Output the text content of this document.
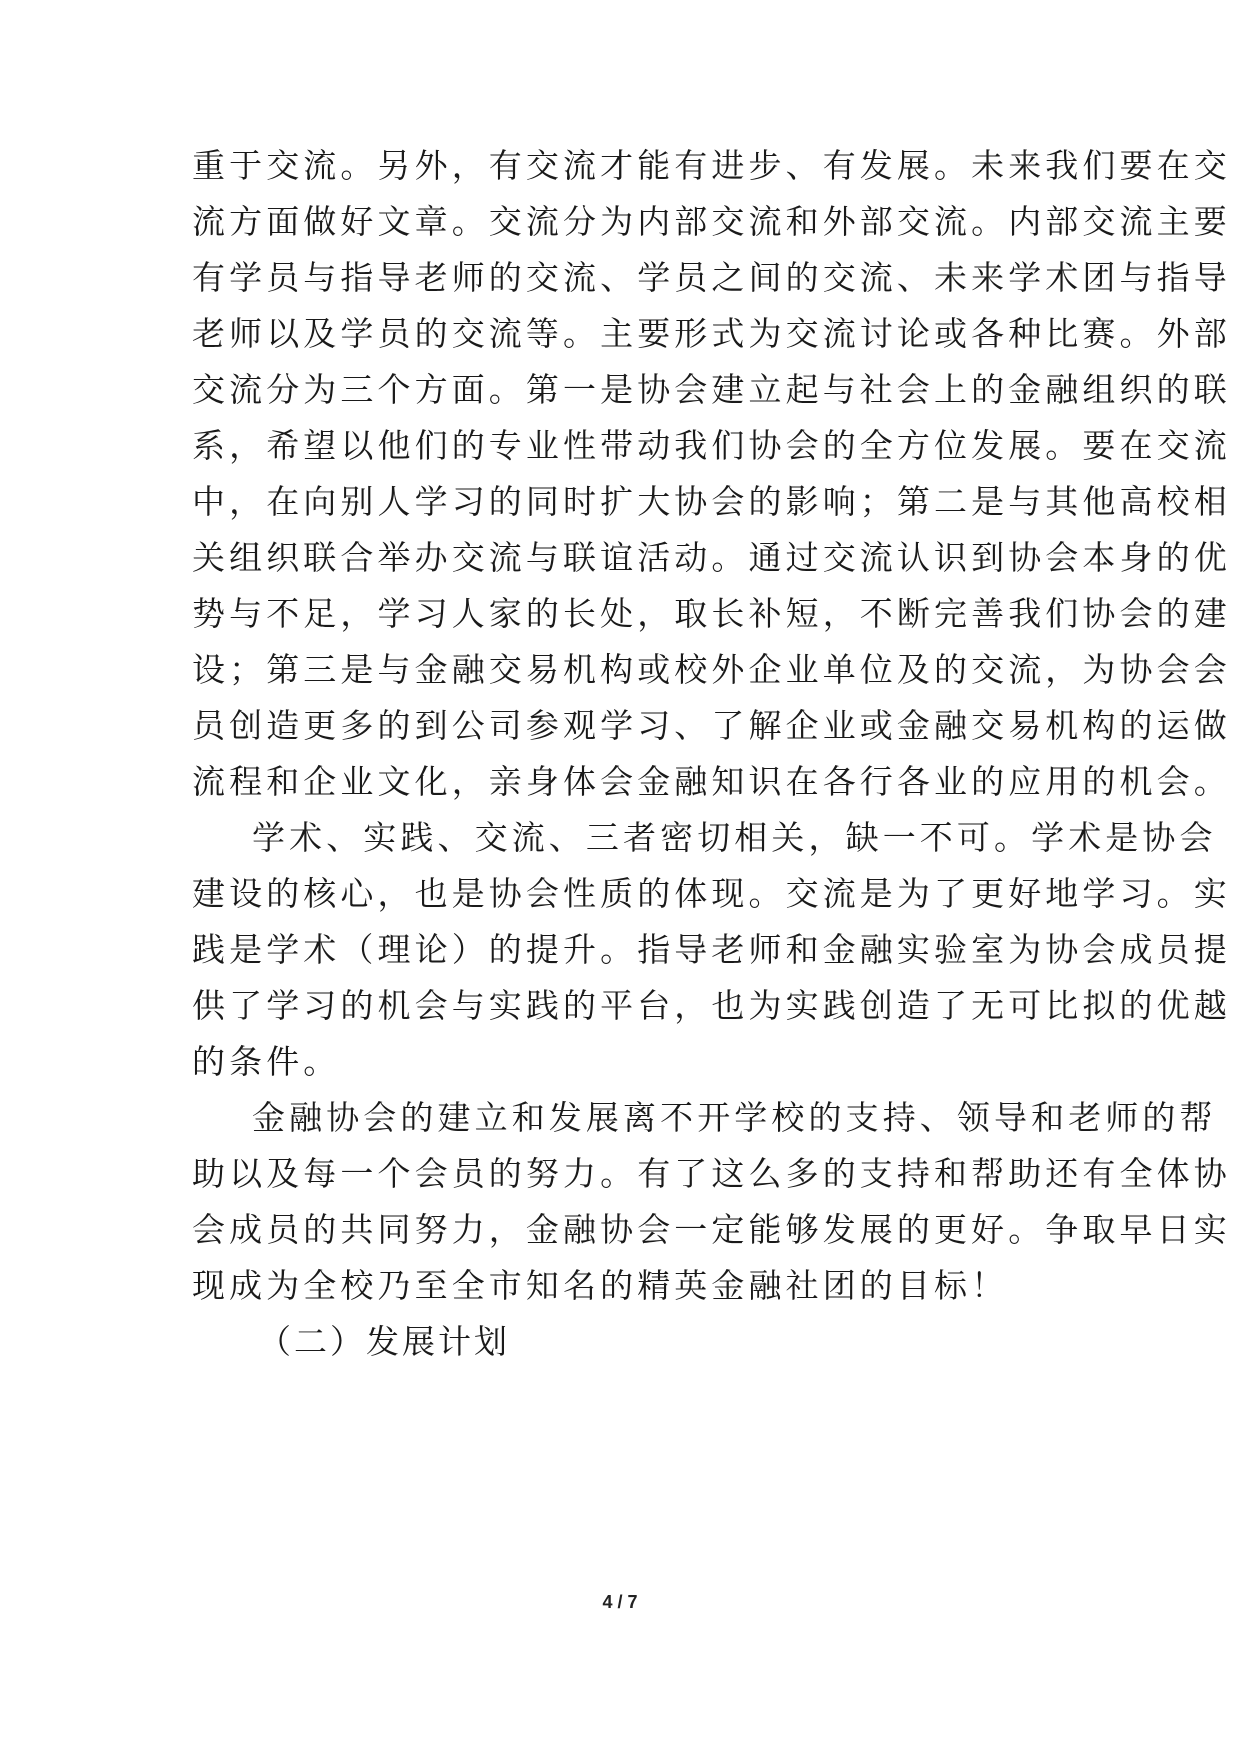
重于交流。另外，有交流才能有进步、有发展。未来我们要在交
流方面做好文章。交流分为内部交流和外部交流。内部交流主要
有学员与指导老师的交流、学员之间的交流、未来学术团与指导
老师以及学员的交流等。主要形式为交流讨论或各种比赛。外部
交流分为三个方面。第一是协会建立起与社会上的金融组织的联
系，希望以他们的专业性带动我们协会的全方位发展。要在交流
中，在向别人学习的同时扩大协会的影响；第二是与其他高校相
关组织联合举办交流与联谊活动。通过交流认识到协会本身的优
势与不足，学习人家的长处，取长补短，不断完善我们协会的建
设；第三是与金融交易机构或校外企业单位及的交流，为协会会
员创造更多的到公司参观学习、了解企业或金融交易机构的运做
流程和企业文化，亲身体会金融知识在各行各业的应用的机会。
学术、实践、交流、三者密切相关，缺一不可。学术是协会
建设的核心，也是协会性质的体现。交流是为了更好地学习。实
践是学术（理论）的提升。指导老师和金融实验室为协会成员提
供了学习的机会与实践的平台，也为实践创造了无可比拟的优越
的条件。
金融协会的建立和发展离不开学校的支持、领导和老师的帮
助以及每一个会员的努力。有了这么多的支持和帮助还有全体协
会成员的共同努力，金融协会一定能够发展的更好。争取早日实
现成为全校乃至全市知名的精英金融社团的目标！
（二）发展计划
4 / 7
